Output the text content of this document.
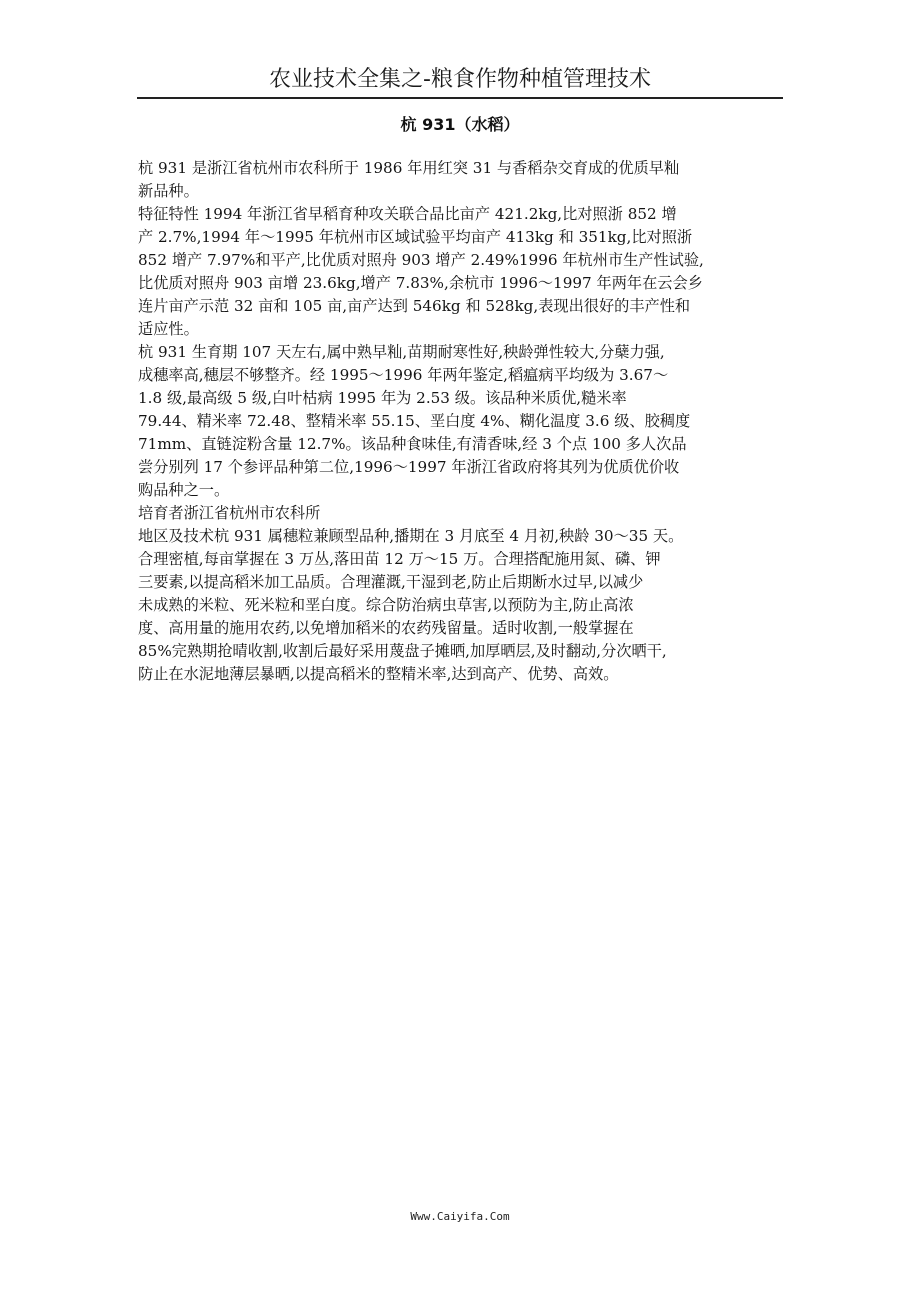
农业技术全集之-粮食作物种植管理技术
杭 931（水稻）
杭 931 是浙江省杭州市农科所于 1986 年用红突 31 与香稻杂交育成的优质早籼
新品种。
特征特性 1994 年浙江省早稻育种攻关联合品比亩产 421.2kg,比对照浙 852 增
产 2.7%,1994 年～1995 年杭州市区域试验平均亩产 413kg 和 351kg,比对照浙
852 增产 7.97%和平产,比优质对照舟 903 增产 2.49%1996 年杭州市生产性试验,
比优质对照舟 903 亩增 23.6kg,增产 7.83%,余杭市 1996～1997 年两年在云会乡
连片亩产示范 32 亩和 105 亩,亩产达到 546kg 和 528kg,表现出很好的丰产性和
适应性。
杭 931 生育期 107 天左右,属中熟早籼,苗期耐寒性好,秧龄弹性较大,分蘖力强,
成穗率高,穗层不够整齐。经 1995～1996 年两年鉴定,稻瘟病平均级为 3.67～
1.8 级,最高级 5 级,白叶枯病 1995 年为 2.53 级。该品种米质优,糙米率
79.44、精米率 72.48、整精米率 55.15、垩白度 4%、糊化温度 3.6 级、胶稠度
71mm、直链淀粉含量 12.7%。该品种食味佳,有清香味,经 3 个点 100 多人次品
尝分别列 17 个参评品种第二位,1996～1997 年浙江省政府将其列为优质优价收
购品种之一。
培育者浙江省杭州市农科所
地区及技术杭 931 属穗粒兼顾型品种,播期在 3 月底至 4 月初,秧龄 30～35 天。
合理密植,每亩掌握在 3 万丛,落田苗 12 万～15 万。合理搭配施用氮、磷、钾
三要素,以提高稻米加工品质。合理灌溉,干湿到老,防止后期断水过早,以减少
未成熟的米粒、死米粒和垩白度。综合防治病虫草害,以预防为主,防止高浓
度、高用量的施用农药,以免增加稻米的农药残留量。适时收割,一般掌握在
85%完熟期抢晴收割,收割后最好采用蔑盘子摊晒,加厚晒层,及时翻动,分次晒干,
防止在水泥地薄层暴晒,以提高稻米的整精米率,达到高产、优势、高效。
Www.Caiyifa.Com
